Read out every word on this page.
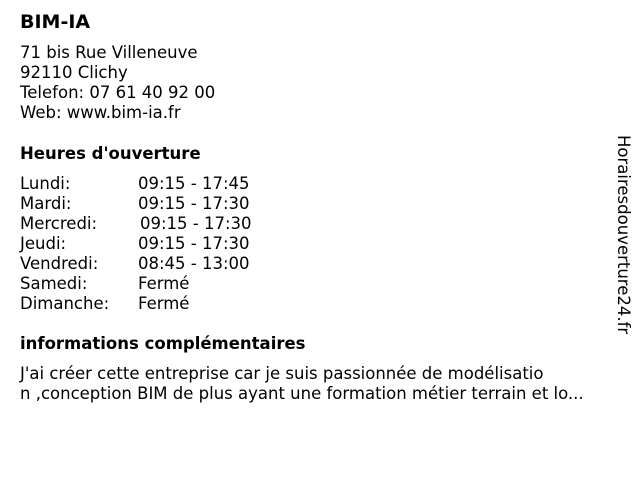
BIM-IA
71 bis Rue Villeneuve
92110 Clichy
Telefon: 07 61 40 92 00
Web: www.bim-ia.fr
Heures d'ouverture
Lundi:	09:15 - 17:45
Mardi:	09:15 - 17:30
Mercredi:	09:15 - 17:30
Jeudi:	09:15 - 17:30
Vendredi: 08:45 - 13:00
Samedi:	Fermé
Dimanche: Fermé
informations complémentaires
J'ai créer cette entreprise car je suis passionnée de modélisatio
n ,conception BIM de plus ayant une formation métier terrain et lo...
Horairesdouverture24.fr
